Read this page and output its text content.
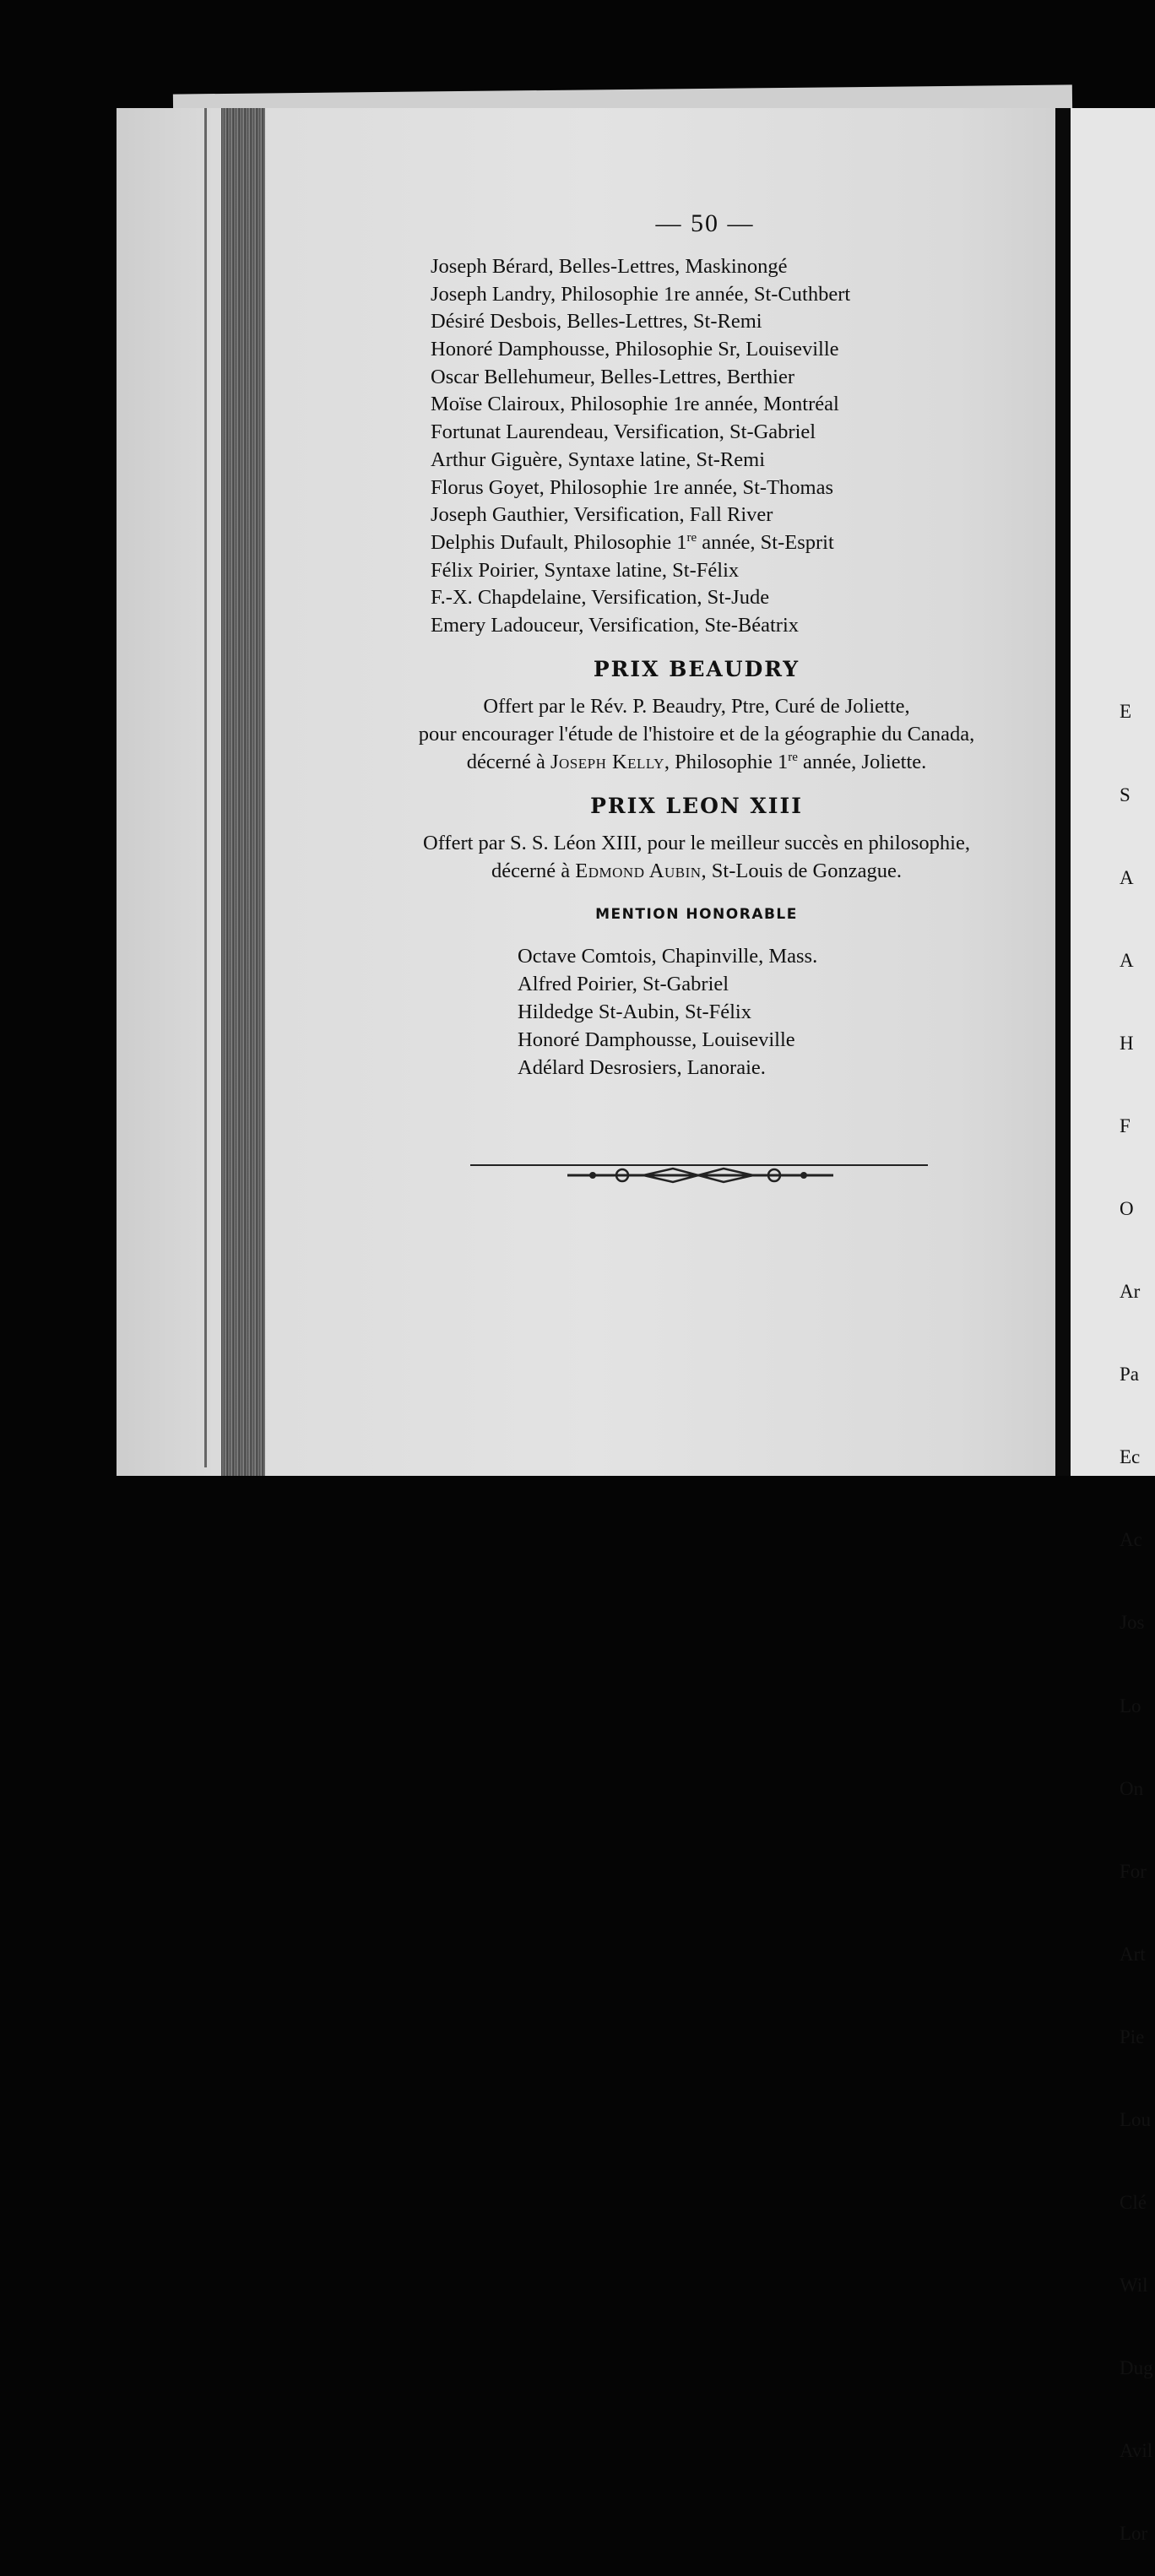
E

S

A

A

H

F

O

Ar

Pa

Ec

Ac

Jos

Lo

On

For

Art

Pie

Lou

Clé

Wil

Dug

Avil

Lor

— 50 —
Joseph Bérard, Belles-Lettres, Maskinongé
Joseph Landry, Philosophie 1re année, St-Cuthbert
Désiré Desbois, Belles-Lettres, St-Remi
Honoré Damphousse, Philosophie Sr, Louiseville
Oscar Bellehumeur, Belles-Lettres, Berthier
Moïse Clairoux, Philosophie 1re année, Montréal
Fortunat Laurendeau, Versification, St-Gabriel
Arthur Giguère, Syntaxe latine, St-Remi
Florus Goyet, Philosophie 1re année, St-Thomas
Joseph Gauthier, Versification, Fall River
Delphis Dufault, Philosophie 1re année, St-Esprit
Félix Poirier, Syntaxe latine, St-Félix
F.-X. Chapdelaine, Versification, St-Jude
Emery Ladouceur, Versification, Ste-Béatrix
PRIX BEAUDRY
Offert par le Rév. P. Beaudry, Ptre, Curé de Joliette,
pour encourager l'étude de l'histoire et de la géographie du Canada,
décerné à Joseph Kelly, Philosophie 1re année, Joliette.
PRIX LEON XIII
Offert par S. S. Léon XIII, pour le meilleur succès en philosophie,
décerné à Edmond Aubin, St-Louis de Gonzague.
MENTION HONORABLE
Octave Comtois, Chapinville, Mass.
Alfred Poirier, St-Gabriel
Hildedge St-Aubin, St-Félix
Honoré Damphousse, Louiseville
Adélard Desrosiers, Lanoraie.
